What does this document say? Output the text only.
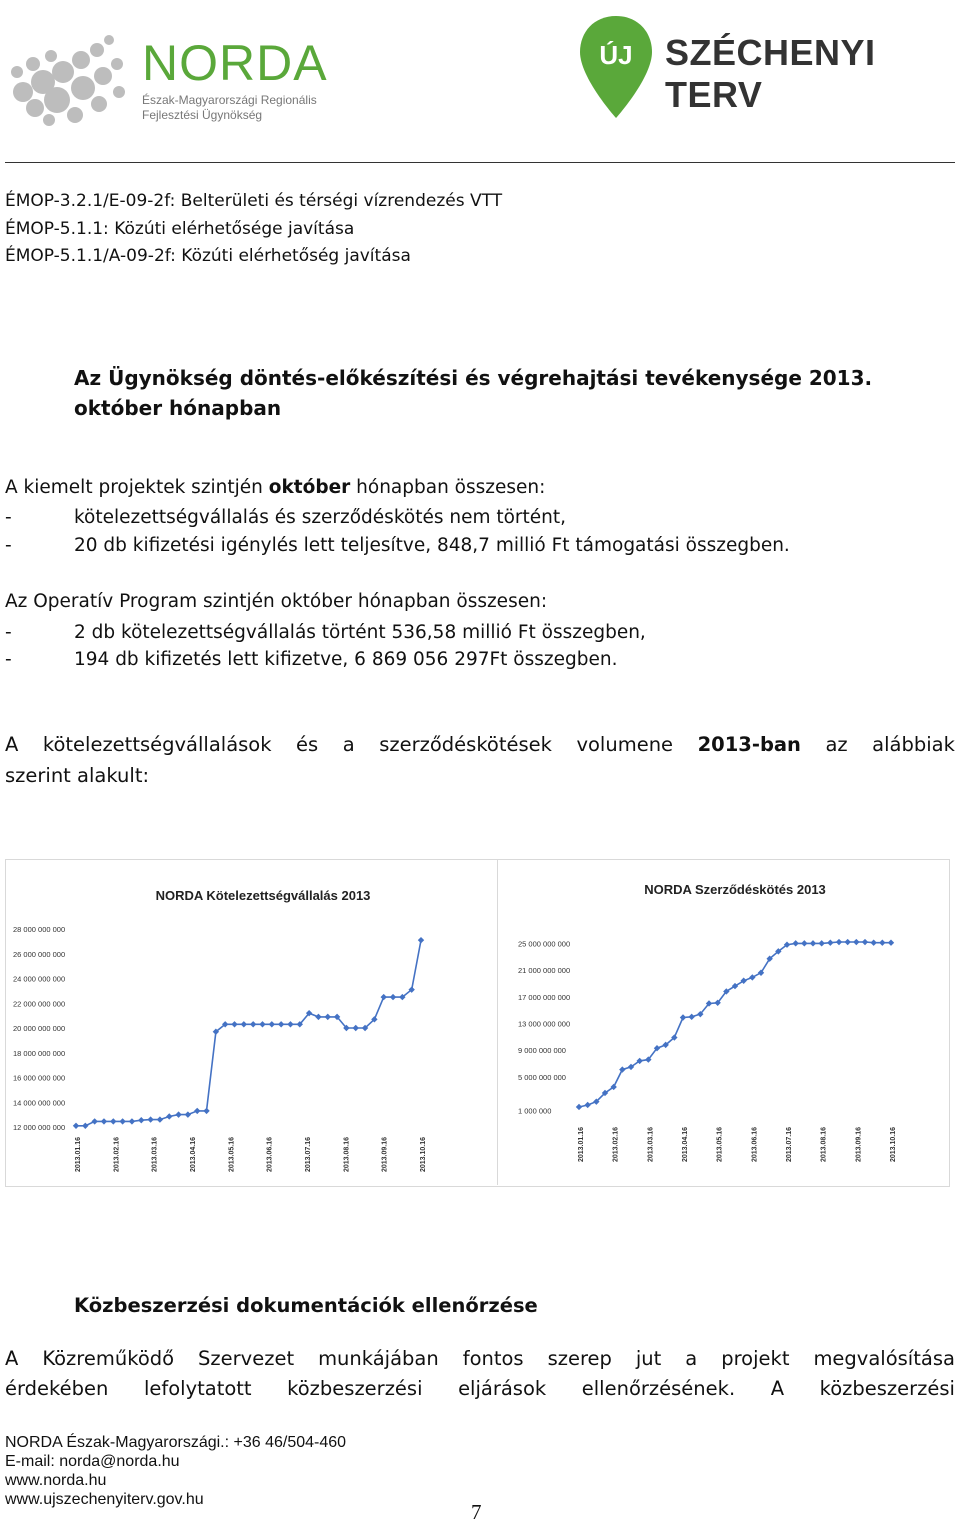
NORDA
Észak-Magyarországi Regionális
Fejlesztési Ügynökség
ÚJ SZÉCHENYI TERV
ÉMOP-3.2.1/E-09-2f: Belterületi és térségi vízrendezés VTT
ÉMOP-5.1.1: Közúti elérhetősége javítása
ÉMOP-5.1.1/A-09-2f: Közúti elérhetőség javítása
Az Ügynökség döntés-előkészítési és végrehajtási tevékenysége 2013.
október hónapban
A kiemelt projektek szintjén október hónapban összesen:
-	kötelezettségvállalás és szerződéskötés nem történt,
-	20 db kifizetési igénylés lett teljesítve, 848,7 millió Ft támogatási összegben.
Az Operatív Program szintjén október hónapban összesen:
-	2 db kötelezettségvállalás történt 536,58 millió Ft összegben,
-	194 db kifizetés lett kifizetve, 6 869 056 297Ft összegben.
A kötelezettségvállalások és a szerződéskötések volumene 2013-ban az alábbiak
szerint alakult:
NORDA Kötelezettségvállalás 2013
12 000 000 000
14 000 000 000
16 000 000 000
18 000 000 000
20 000 000 000
22 000 000 000
24 000 000 000
26 000 000 000
28 000 000 000
2013.01.16	2013.02.16	2013.03.16	2013.04.16	2013.05.16	2013.06.16	2013.07.16	2013.08.16	2013.09.16	2013.10.16
NORDA Szerződéskötés 2013
1 000 000
5 000 000 000
9 000 000 000
13 000 000 000
17 000 000 000
21 000 000 000
25 000 000 000
2013.01.16	2013.02.16	2013.03.16	2013.04.16	2013.05.16	2013.06.16	2013.07.16	2013.08.16	2013.09.16	2013.10.16
Közbeszerzési dokumentációk ellenőrzése
A Közreműködő Szervezet munkájában fontos szerep jut a projekt megvalósítása
érdekében lefolytatott közbeszerzési eljárások ellenőrzésének. A közbeszerzési
NORDA Észak-Magyarországi.: +36 46/504-460
E-mail: norda@norda.hu
www.norda.hu
www.ujszechenyiterv.gov.hu
7
